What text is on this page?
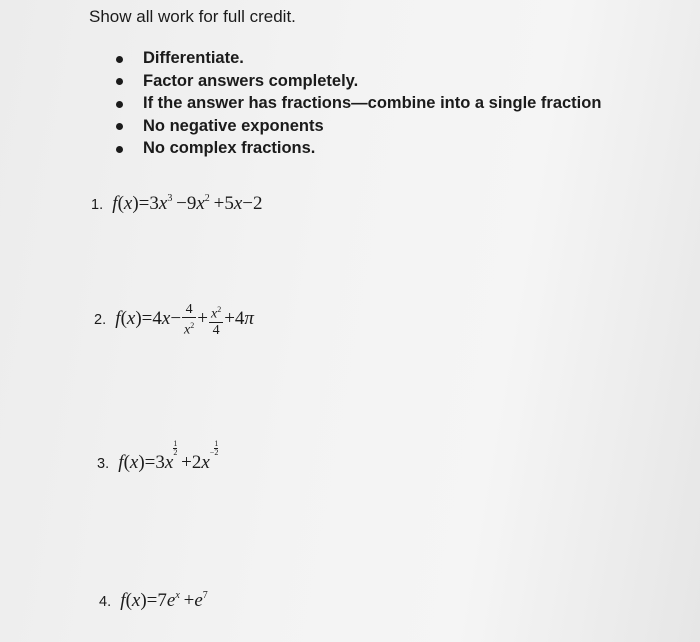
Show all work for full credit.
Differentiate.
Factor answers completely.
If the answer has fractions—combine into a single fraction
No negative exponents
No complex fractions.
1. $f(x)=3x^3 -9x^2 +5x-2$
2. $f(x)=4x- \frac{4}{x^2} + \frac{x^2}{4} +4\pi$
3. f(x)=3x
$\frac{1}{2}$
 $+2x- \frac{1}{2}$
4. $f(x)=7e^x +e^7$
